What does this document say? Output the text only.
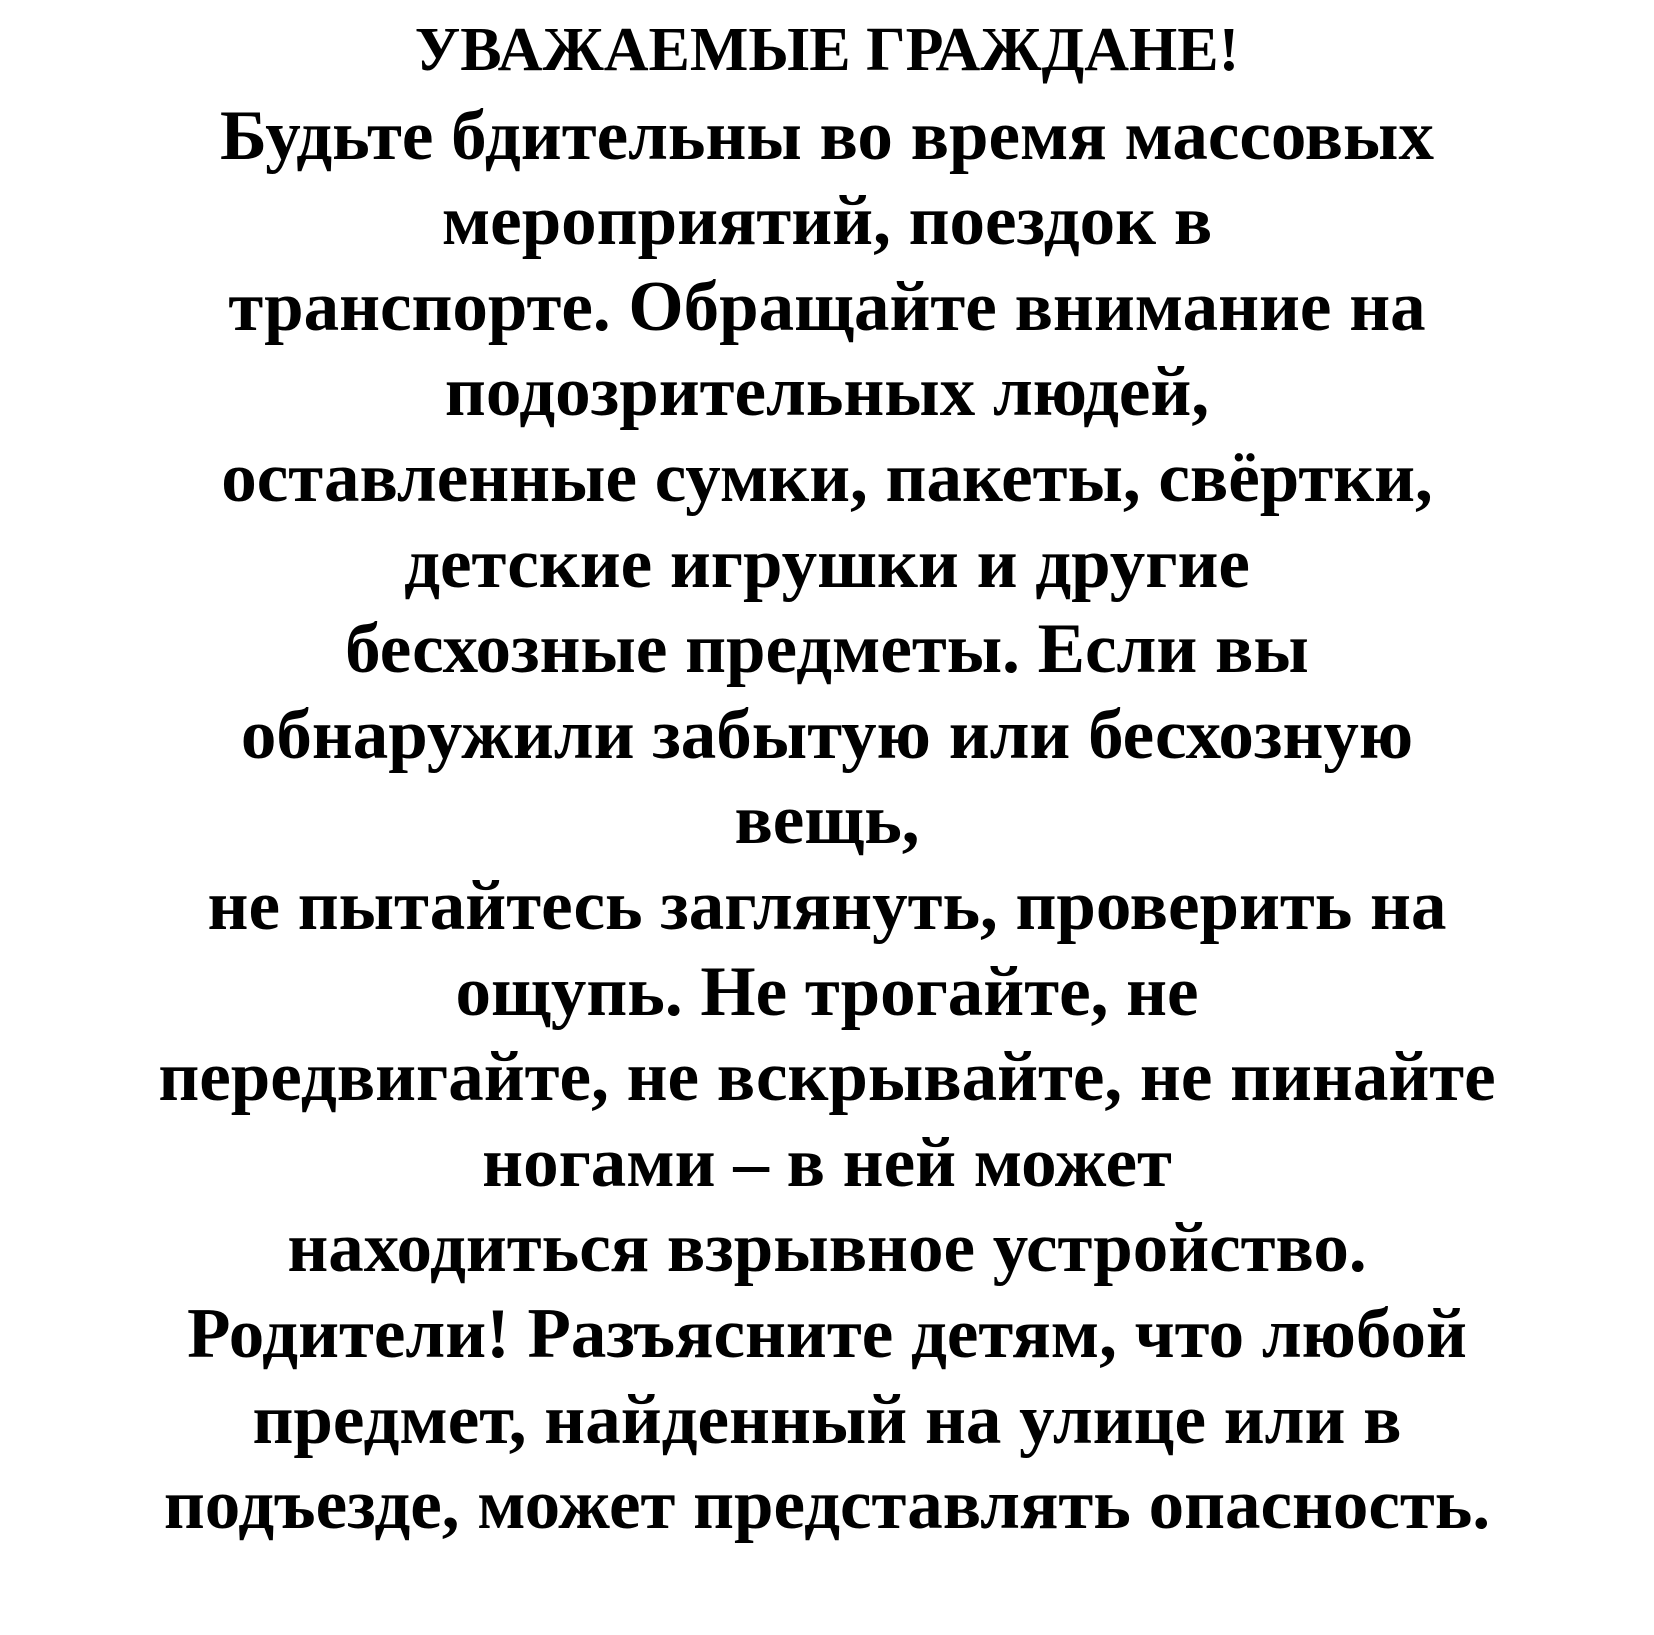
УВАЖАЕМЫЕ ГРАЖДАНЕ!
Будьте бдительны во время массовых
мероприятий, поездок в
транспорте. Обращайте внимание на
подозрительных людей,
оставленные сумки, пакеты, свёртки,
детские игрушки и другие
бесхозные предметы. Если вы
обнаружили забытую или бесхозную
вещь,
не пытайтесь заглянуть, проверить на
ощупь. Не трогайте, не
передвигайте, не вскрывайте, не пинайте
ногами – в ней может
находиться взрывное устройство.
Родители! Разъясните детям, что любой
предмет, найденный на улице или в
подъезде, может представлять опасность.
